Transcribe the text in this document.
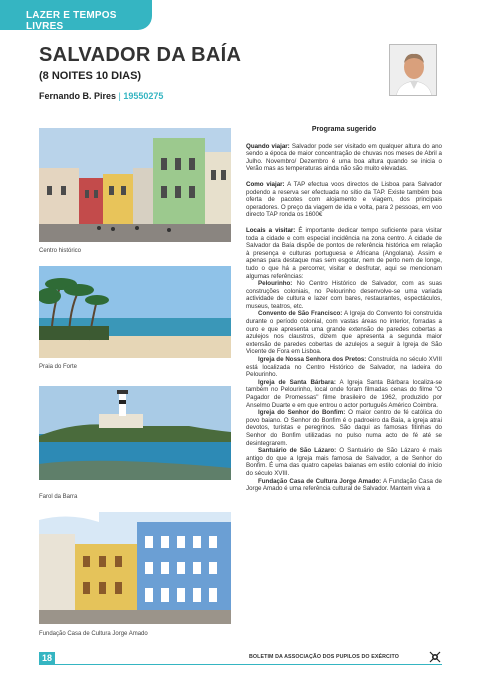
LAZER E TEMPOS LIVRES
SALVADOR DA BAÍA
(8 NOITES 10 DIAS)
Fernando B. Pires | 19550275
Centro histórico
Praia do Forte
Farol da Barra
Fundação Casa de Cultura Jorge Amado
Programa sugerido

Quando viajar: Salvador pode ser visitado em qualquer altura do ano sendo a época de maior concentração de chuvas nos meses de Abril a Julho. Novembro/ Dezembro é uma boa altura quando se inicia o Verão mas as temperaturas ainda não são muito elevadas.

Como viajar: A TAP efectua voos directos de Lisboa para Salvador podendo a reserva ser efectuada no sítio da TAP. Existe também boa oferta de pacotes com alojamento e viagem, dos principais operadores. O preço da viagem de ida e volta, para 2 pessoas, em voo directo TAP ronda os 1600€

Locais a visitar: É importante dedicar tempo suficiente para visitar toda a cidade e com especial incidência na zona centro. A cidade de Salvador da Baía dispõe de pontos de referência histórica em relação à presença e culturas portuguesa e Africana (Angolana). Assim e apenas para destaque mas sem esgotar, nem de perto nem de longe, tudo o que há a percorrer, visitar e desfrutar, aqui se mencionam algumas referências:

Pelourinho: No Centro Histórico de Salvador, com as suas construções coloniais, no Pelourinho desenvolve-se uma variada actividade de cultura e lazer com bares, restaurantes, espectáculos, museus, teatros, etc.

Convento de São Francisco: A Igreja do Convento foi construída durante o período colonial, com vastas áreas no interior, forradas a ouro e que apresenta uma grande extensão de paredes cobertas a azulejos nos claustros, dizem que apresenta a segunda maior extensão de paredes cobertas de azulejos a seguir à Igreja de São Vicente de Fora em Lisboa.

Igreja de Nossa Senhora dos Pretos: Construída no século XVIII está localizada no Centro Histórico de Salvador, na ladeira do Pelourinho.

Igreja de Santa Bárbara: A Igreja Santa Bárbara localiza-se também no Pelourinho, local onde foram filmadas cenas do filme "O Pagador de Promessas" filme brasileiro de 1962, produzido por Anselmo Duarte e em que entrou o actor português Américo Coimbra.

Igreja do Senhor do Bonfim: O maior centro de fé católica do povo baiano. O Senhor do Bonfim é o padroeiro da Baía, a igreja atrai devotos, turistas e peregrinos. São daqui as famosas fitinhas do Senhor do Bonfim utilizadas no pulso numa acto de fé até se desintegrarem.

Santuário de São Lázaro: O Santuário de São Lázaro é mais antigo do que a Igreja mais famosa de Salvador, a de Senhor do Bonfim. É uma das quatro capelas baianas em estilo colonial do início do século XVIII.

Fundação Casa de Cultura Jorge Amado: A Fundação Casa de Jorge Amado é uma referência cultural de Salvador. Mantem viva a

18	BOLETIM DA ASSOCIAÇÃO DOS PUPILOS DO EXÉRCITO
